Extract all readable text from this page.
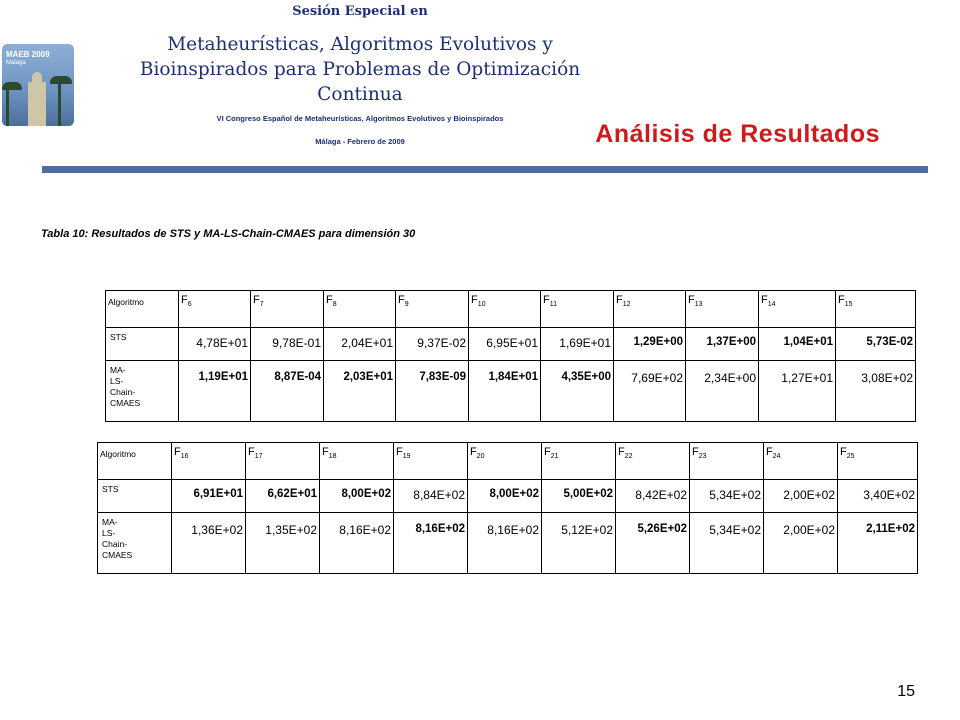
MAEB 2009
Málaga
Sesión Especial en
Metaheurísticas, Algoritmos Evolutivos y
Bioinspirados para Problemas de Optimización
Continua
VI Congreso Español de Metaheurísticas, Algoritmos Evolutivos y Bioinspirados
Málaga - Febrero de 2009	Análisis de Resultados
Tabla 10: Resultados de STS y MA-LS-Chain-CMAES para dimensión 30
Algoritmo	$F_6$	$F_7$	$F_8$	$F_9$	$F_{10}$	$F_{11}$	$F_{12}$	$F_{13}$	$F_{14}$	$F_{15}$
STS	4,78E+01	9,78E-01	2,04E+01	9,37E-02	6,95E+01	1,69E+01	1,29E+00	1,37E+00	1,04E+01	5,73E-02
MA-
LS-
Chain-
CMAES	1,19E+01	8,87E-04	2,03E+01	7,83E-09	1,84E+01	4,35E+00	7,69E+02	2,34E+00	1,27E+01	3,08E+02
Algoritmo	$F_{16}$	$F_{17}$	$F_{18}$	$F_{19}$	$F_{20}$	$F_{21}$	$F_{22}$	$F_{23}$	$F_{24}$	$F_{25}$
STS	6,91E+01	6,62E+01	8,00E+02	8,84E+02	8,00E+02	5,00E+02	8,42E+02	5,34E+02	2,00E+02	3,40E+02
MA-
LS-
Chain-
CMAES	1,36E+02	1,35E+02	8,16E+02	8,16E+02	8,16E+02	5,12E+02	5,26E+02	5,34E+02	2,00E+02	2,11E+02
15
